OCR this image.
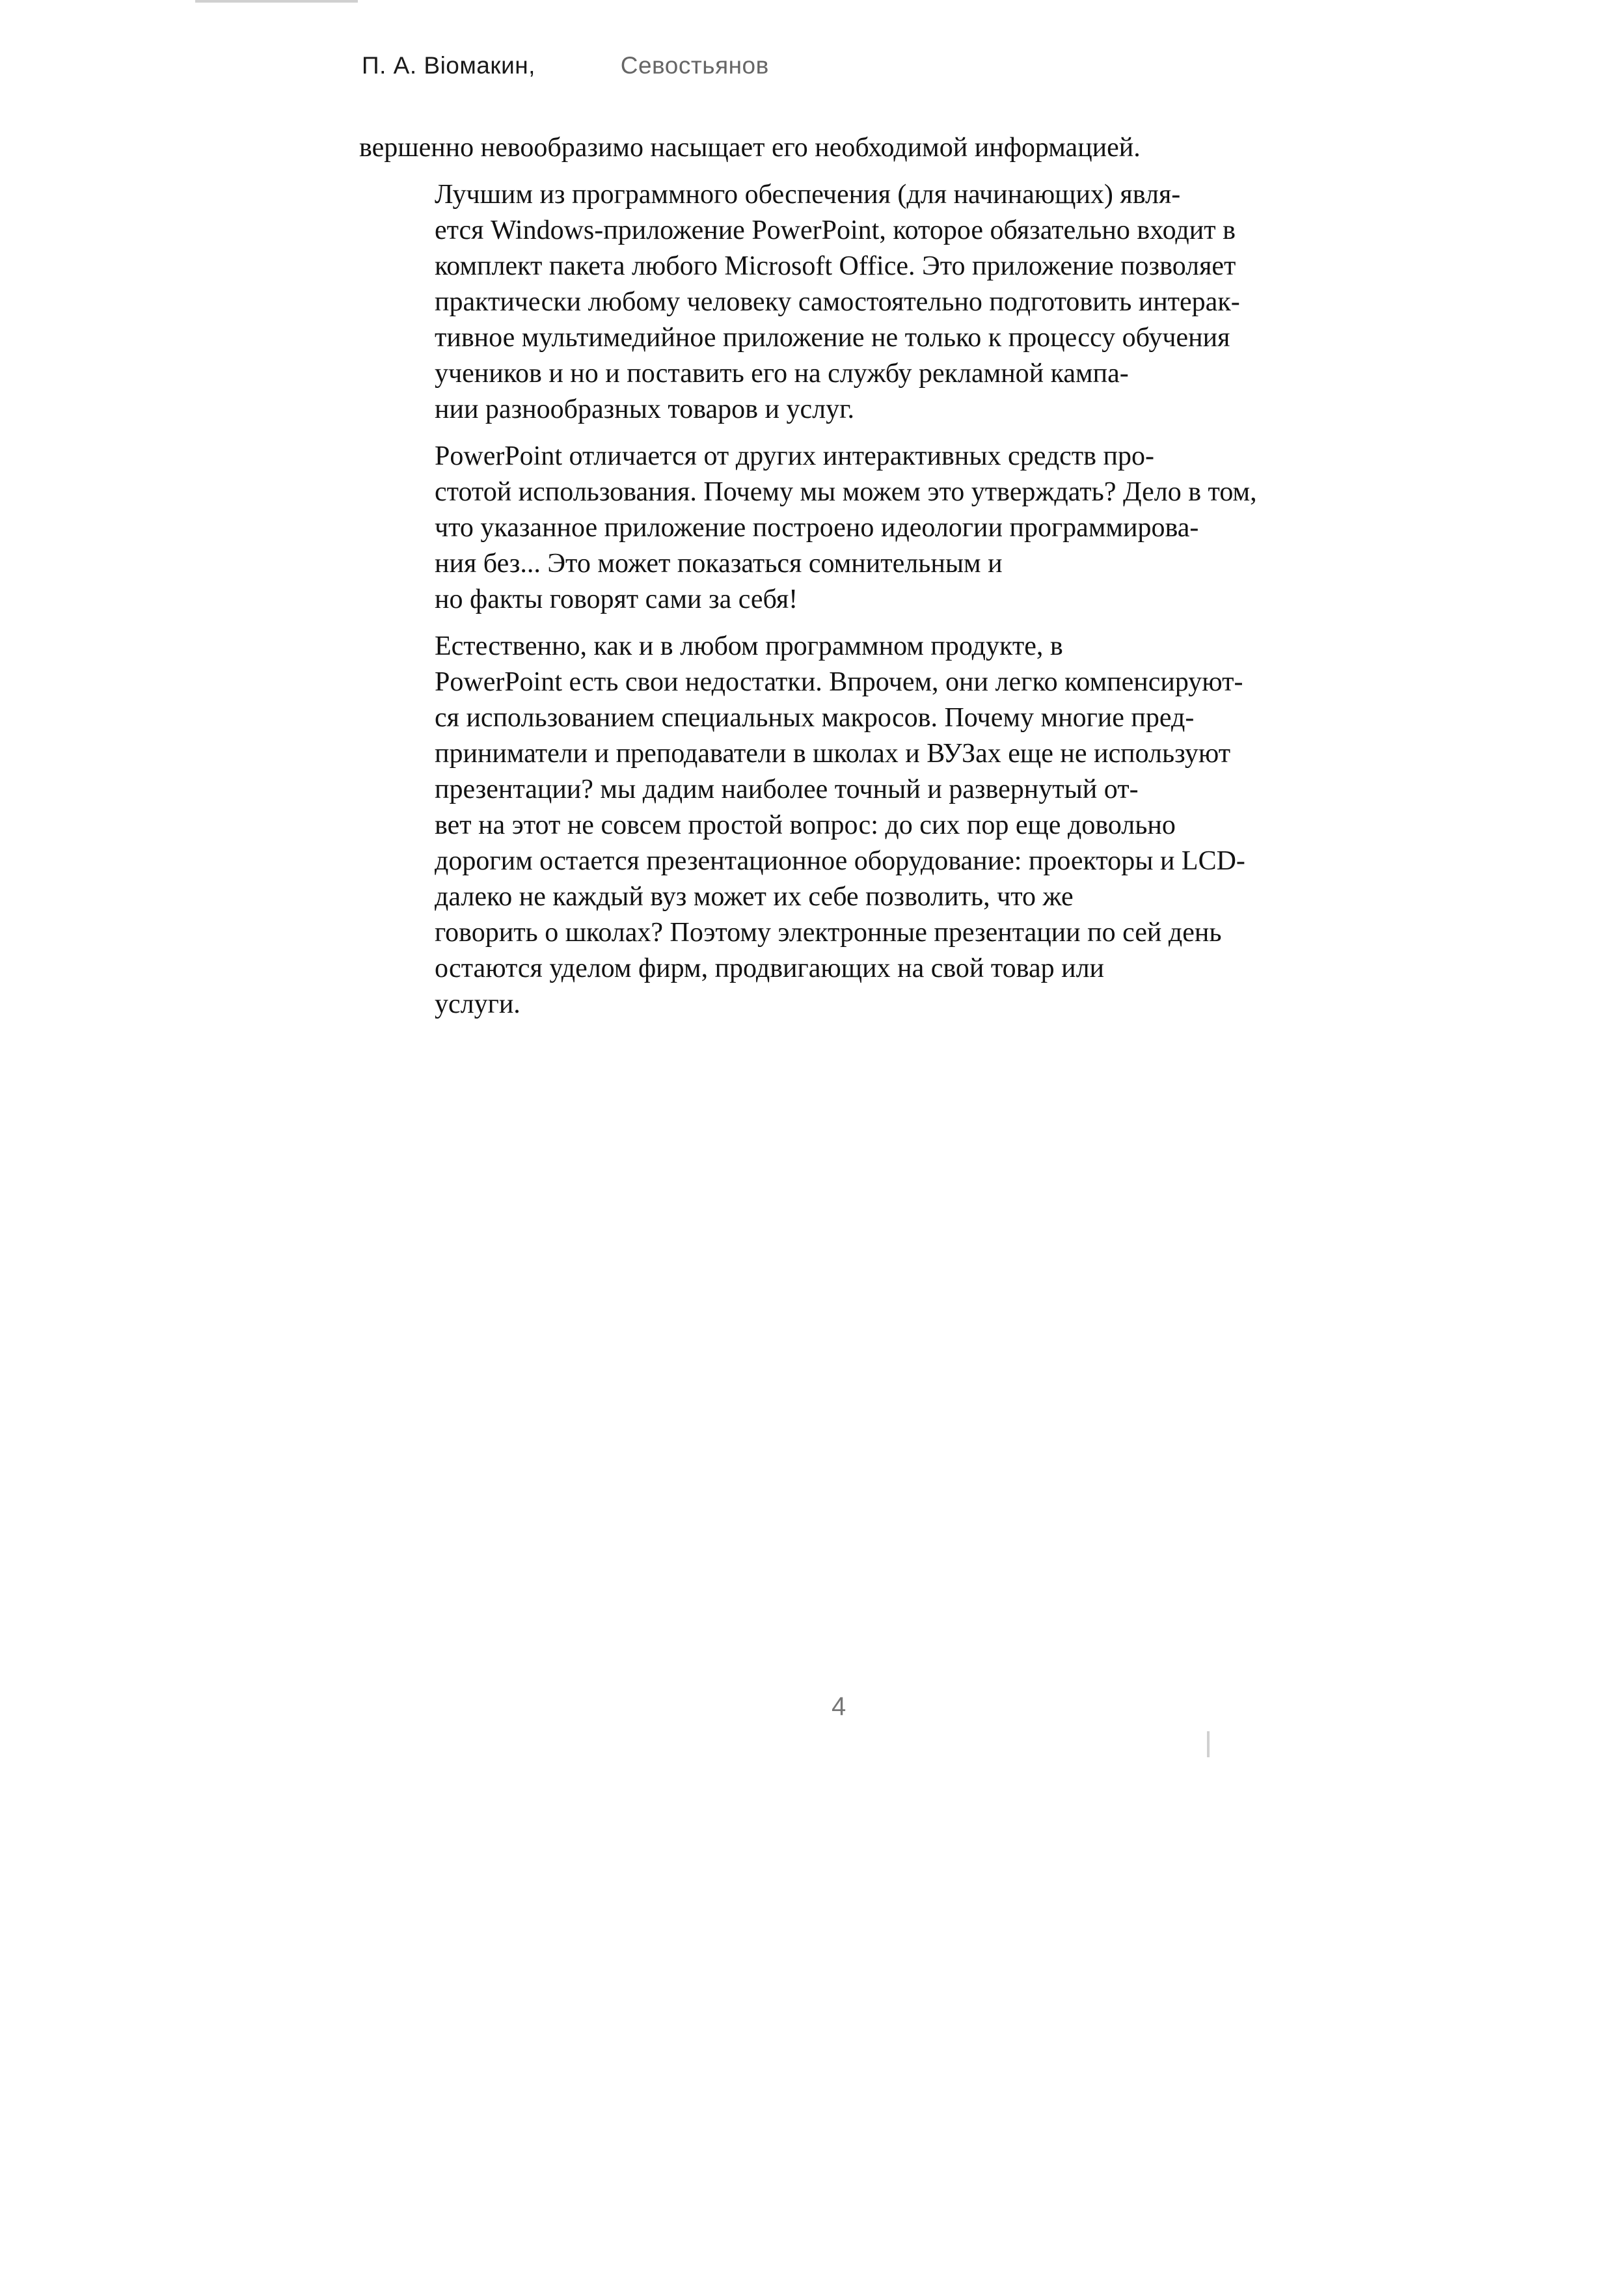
П. А. Віомакин,	Севостьянов

вершенно невообразимо насыщает его необходимой информацией.

Лучшим из программного обеспечения (для начинающих) явля-
ется Windows-приложение PowerPoint, которое обязательно входит в
комплект пакета любого Microsoft Office. Это приложение позволяет
практически любому человеку самостоятельно подготовить интерак-
тивное мультимедийное приложение не только к процессу обучения
учеников и но и поставить его на службу рекламной кампа-
нии разнообразных товаров и услуг.

PowerPoint отличается от других интерактивных средств про-
стотой использования. Почему мы можем это утверждать? Дело в том,
что указанное приложение построено идеологии программирова-
ния без... Это может показаться сомнительным и
но факты говорят сами за себя!

Естественно, как и в любом программном продукте, в
PowerPoint есть свои недостатки. Впрочем, они легко компенсируют-
ся использованием специальных макросов. Почему многие пред-
приниматели и преподаватели в школах и ВУЗах еще не используют
презентации? мы дадим наиболее точный и развернутый от-
вет на этот не совсем простой вопрос: до сих пор еще довольно
дорогим остается презентационное оборудование: проекторы и LCD-
далеко не каждый вуз может их себе позволить, что же
говорить о школах? Поэтому электронные презентации по сей день
остаются уделом фирм, продвигающих на свой товар или
услуги.

4
